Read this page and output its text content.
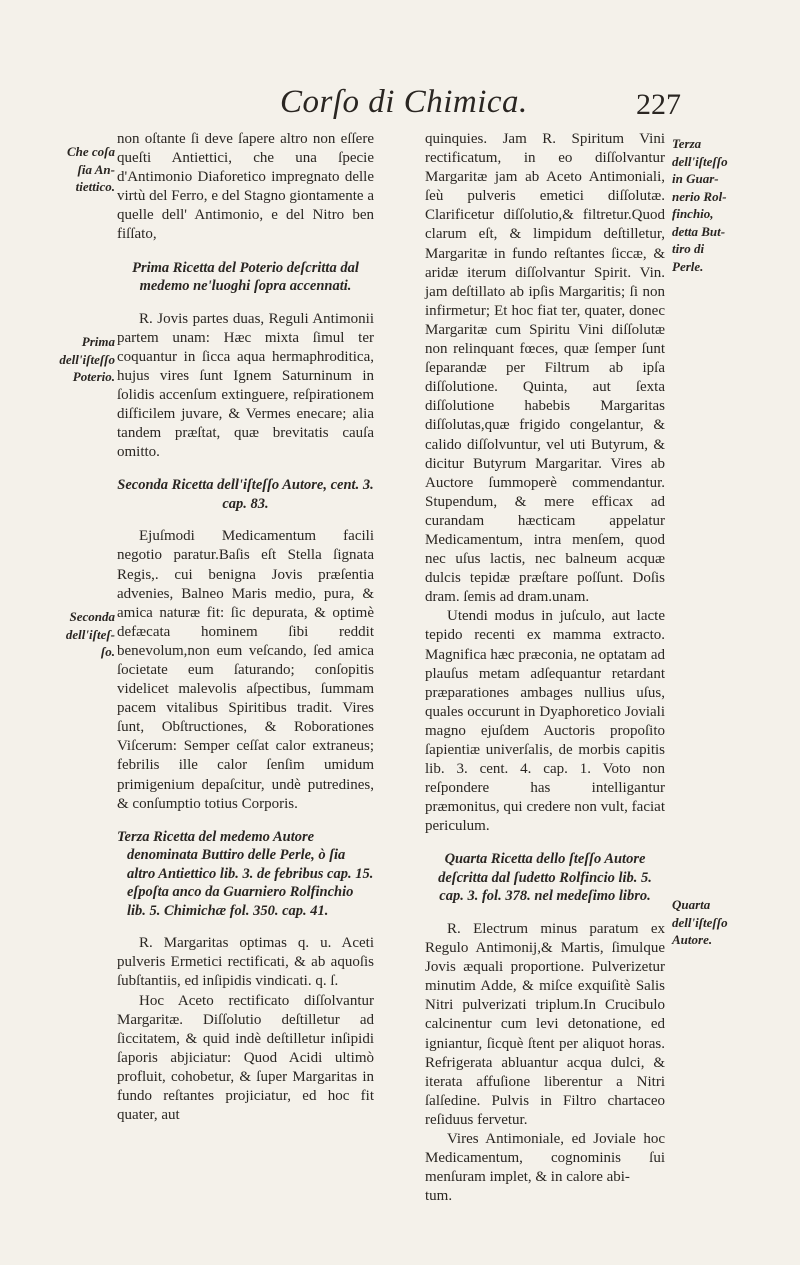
Corſo di Chimica.	227
Che coſa
ſia An-
tiettico.
Prima
dell'iſteſſo
Poterio.
Seconda
dell'iſteſ-
ſo.
Terza
dell'iſteſſo
in Guar-
nerio Rol-
finchio,
detta But-
tiro di
Perle.
Quarta
dell'iſteſſo
Autore.

non oſtante ſi deve ſapere altro non eſſere queſti Antiettici, che una ſpecie d'Antimonio Diaforetico impregnato delle virtù del Ferro, e del Stagno giontamente a quelle dell' Antimonio, e del Nitro ben fiſſato,

Prima Ricetta del Poterio deſcritta dal medemo ne'luoghi ſopra accennati.

R. Jovis partes duas, Reguli Antimonii partem unam: Hæc mixta ſimul ter coquantur in ſicca aqua hermaphroditica, hujus vires ſunt Ignem Saturninum in ſolidis accenſum extinguere, reſpirationem diſficilem juvare, & Vermes enecare; alia tandem præſtat, quæ brevitatis cauſa omitto.

Seconda Ricetta dell'iſteſſo Autore, cent. 3. cap. 83.

Ejuſmodi Medicamentum facili negotio paratur.Baſis eſt Stella ſignata Regis,. cui benigna Jovis præſentia advenies, Balneo Maris medio, pura, & amica naturæ fit: ſic depurata, & optimè defæcata hominem ſibi reddit benevolum,non eum veſcando, ſed amica ſocietate eum ſaturando; conſopitis videlicet malevolis aſpectibus, ſummam pacem vitalibus Spiritibus tradit. Vires ſunt, Obſtructiones, & Roborationes Viſcerum: Semper ceſſat calor extraneus; febrilis ille calor ſenſim umidum primigenium depaſcitur, undè putredines, & conſumptio totius Corporis.

Terza Ricetta del medemo Autore denominata Buttiro delle Perle, ò ſia altro Antiettico lib. 3. de febribus cap. 15. eſpoſta anco da Guarniero Rolfinchio lib. 5. Chimichæ fol. 350. cap. 41.

R. Margaritas optimas q. u. Aceti pulveris Ermetici rectificati, & ab aquoſis ſubſtantiis, ed inſipidis vindicati. q. ſ.

Hoc Aceto rectificato diſſolvantur Margaritæ. Diſſolutio deſtilletur ad ſiccitatem, & quid indè deſtilletur inſipidi ſaporis abjiciatur: Quod Acidi ultimò profluit, cohobetur, & ſuper Margaritas in fundo reſtantes projiciatur, ed hoc fit quater, aut

quinquies. Jam R. Spiritum Vini rectificatum, in eo diſſolvantur Margaritæ jam ab Aceto Antimoniali, ſeù pulveris emetici diſſolutæ. Clarificetur diſſolutio,& filtretur.Quod clarum eſt, & limpidum deſtilletur, Margaritæ in fundo reſtantes ſiccæ, & aridæ iterum diſſolvantur Spirit. Vin. jam deſtillato ab ipſis Margaritis; ſi non infirmetur; Et hoc fiat ter, quater, donec Margaritæ cum Spiritu Vini diſſolutæ non relinquant fœces, quæ ſemper ſunt ſeparandæ per Filtrum ab ipſa diſſolutione. Quinta, aut ſexta diſſolutione habebis Margaritas diſſolutas,quæ frigido congelantur, & calido diſſolvuntur, vel uti Butyrum, & dicitur Butyrum Margaritar. Vires ab Auctore ſummoperè commendantur. Stupendum, & mere efficax ad curandam hæcticam appelatur Medicamentum, intra menſem, quod nec uſus lactis, nec balneum acquæ dulcis tepidæ præſtare poſſunt. Doſis dram. ſemis ad dram.unam.

Utendi modus in juſculo, aut lacte tepido recenti ex mamma extracto. Magnifica hæc præconia, ne optatam ad plauſus metam adſequantur retardant præparationes ambages nullius uſus, quales occurunt in Dyaphoretico Joviali magno ejuſdem Auctoris propoſito ſapientiæ univerſalis, de morbis capitis lib. 3. cent. 4. cap. 1. Voto non reſpondere has intelligantur præmonitus, qui credere non vult, faciat periculum.

Quarta Ricetta dello ſteſſo Autore deſcritta dal ſudetto Rolfincio lib. 5. cap. 3. fol. 378. nel medeſimo libro.

R. Electrum minus paratum ex Regulo Antimonij,& Martis, ſimulque Jovis æquali proportione. Pulverizetur minutim Adde, & miſce exquiſitè Salis Nitri pulverizati triplum.In Crucibulo calcinentur cum levi detonatione, ed igniantur, ſicquè ſtent per aliquot horas. Refrigerata abluantur acqua dulci, & iterata affuſione liberentur a Nitri ſalſedine. Pulvis in Filtro chartaceo reſiduus fervetur.

Vires Antimoniale, ed Joviale hoc Medicamentum, cognominis ſui menſuram implet, & in calore abi-

tum.
